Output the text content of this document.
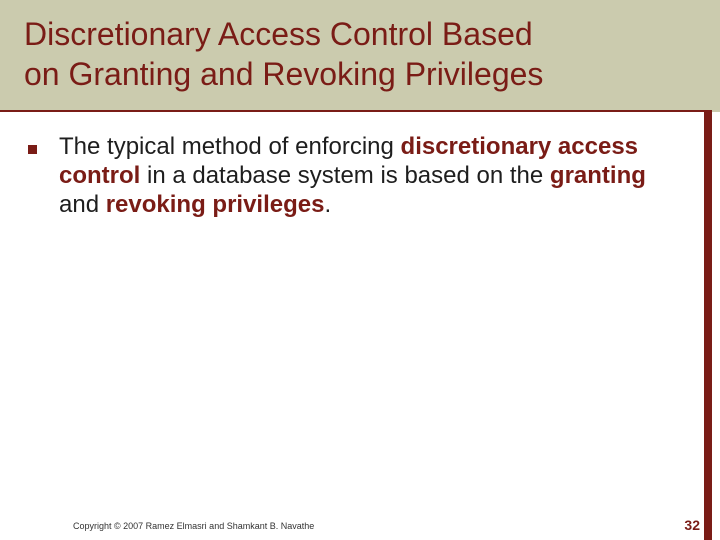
Discretionary Access Control Based
on Granting and Revoking Privileges

The typical method of enforcing discretionary access control in a database system is based on the granting and revoking privileges.

Copyright © 2007 Ramez Elmasri and Shamkant B. Navathe	32
